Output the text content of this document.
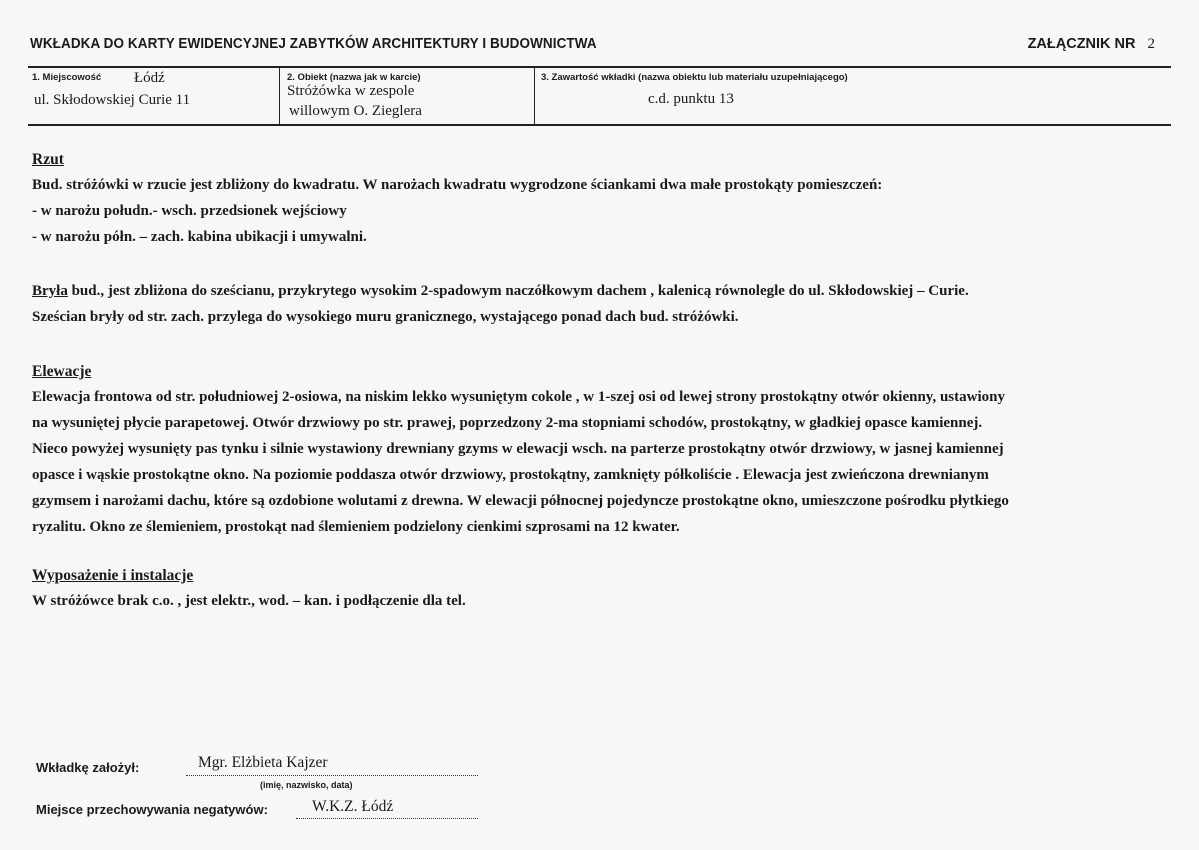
WKŁADKA DO KARTY EWIDENCYJNEJ ZABYTKÓW ARCHITEKTURY I BUDOWNICTWA	ZAŁĄCZNIK NR 2
1. Miejscowość Łódź
ul. Skłodowskiej Curie 11
2. Obiekt (nazwa jak w karcie)
Stróżówka w zespole
willowym O. Zieglera
3. Zawartość wkładki (nazwa obiektu lub materiału uzupełniającego)
c.d. punktu 13

Rzut

Bud. stróżówki w rzucie jest zbliżony do kwadratu. W narożach kwadratu wygrodzone ściankami dwa małe prostokąty pomieszczeń:

- w narożu połudn.- wsch. przedsionek wejściowy

- w narożu półn. – zach. kabina ubikacji i umywalni.

Bryła bud., jest zbliżona do sześcianu, przykrytego wysokim 2-spadowym naczółkowym dachem , kalenicą równolegle do ul. Skłodowskiej – Curie.

Sześcian bryły od str. zach. przylega do wysokiego muru granicznego, wystającego ponad dach bud. stróżówki.

Elewacje

Elewacja frontowa od str. południowej 2-osiowa, na niskim lekko wysuniętym cokole , w 1-szej osi od lewej strony prostokątny otwór okienny, ustawiony

na wysuniętej płycie parapetowej. Otwór drzwiowy po str. prawej, poprzedzony 2-ma stopniami schodów, prostokątny, w gładkiej opasce kamiennej.

Nieco powyżej wysunięty pas tynku i silnie wystawiony drewniany gzyms w elewacji wsch. na parterze prostokątny otwór drzwiowy, w jasnej kamiennej

opasce i wąskie prostokątne okno. Na poziomie poddasza otwór drzwiowy, prostokątny, zamknięty półkoliście . Elewacja jest zwieńczona drewnianym

gzymsem i narożami dachu, które są ozdobione wolutami z drewna. W elewacji północnej pojedyncze prostokątne okno, umieszczone pośrodku płytkiego

ryzalitu. Okno ze ślemieniem, prostokąt nad ślemieniem podzielony cienkimi szprosami na 12 kwater.

Wyposażenie i instalacje

W stróżówce brak c.o. , jest elektr., wod. – kan. i podłączenie dla tel.

Wkładkę założył:	Mgr. Elżbieta Kajzer
(imię, nazwisko, data)
Miejsce przechowywania negatywów:	W.K.Z. Łódź
